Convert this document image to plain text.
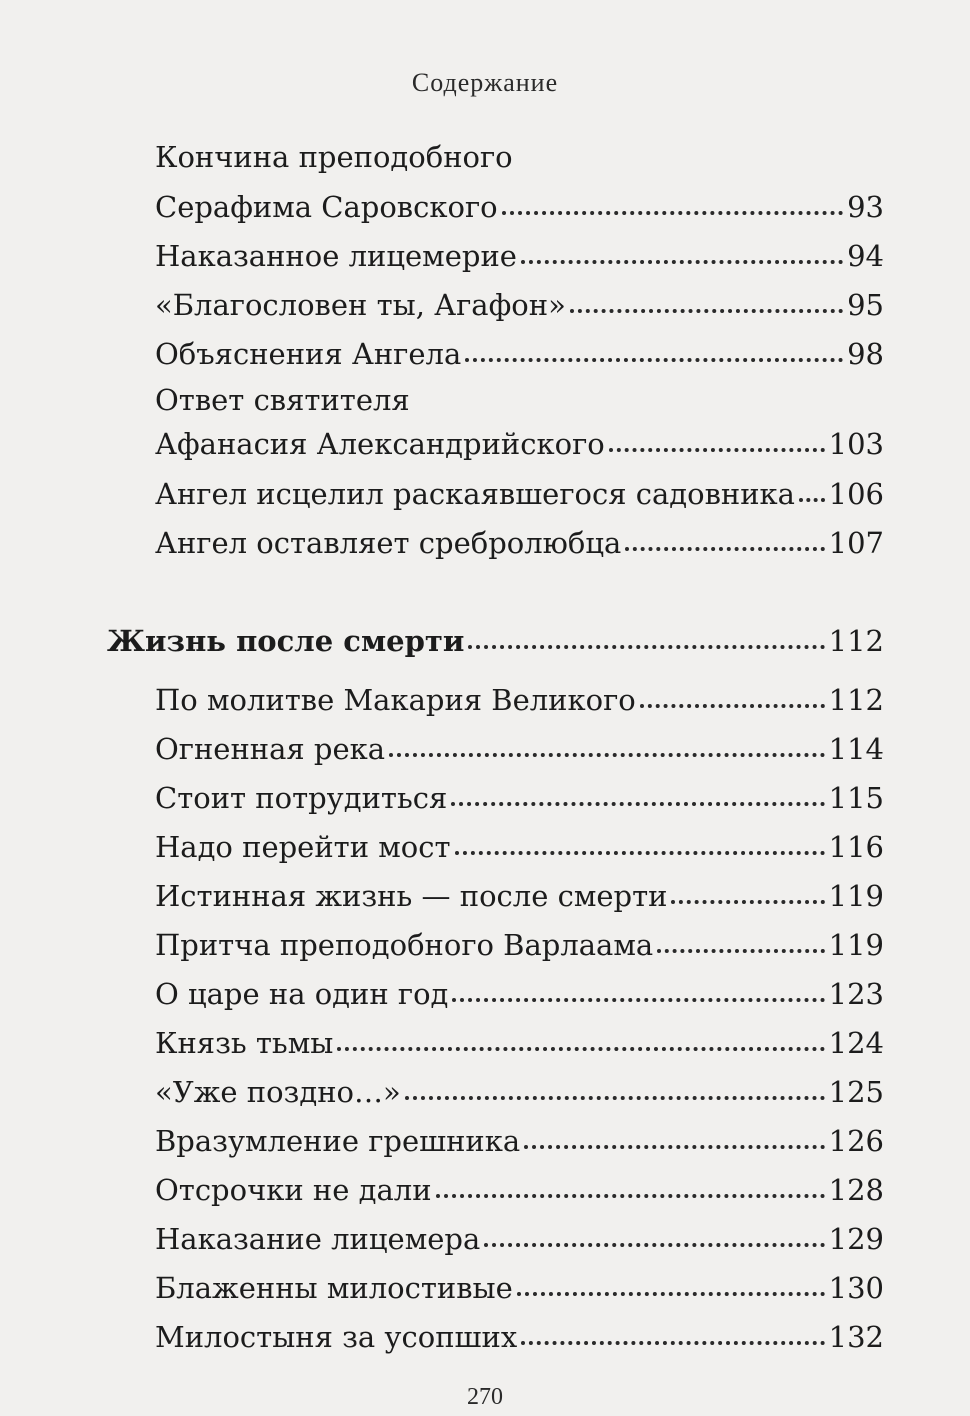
Содержание
Кончина преподобного
Серафима Саровского	93
Наказанное лицемерие	94
«Благословен ты, Агафон»	95
Объяснения Ангела	98
Ответ святителя
Афанасия Александрийского	103
Ангел исцелил раскаявшегося садовника 106
Ангел оставляет сребролюбца	107
Жизнь после смерти	112
По молитве Макария Великого	112
Огненная река	114
Стоит потрудиться	115
Надо перейти мост	116
Истинная жизнь — после смерти	119
Притча преподобного Варлаама	119
О царе на один год	123
Князь тьмы	124
«Уже поздно…»	125
Вразумление грешника	126
Отсрочки не дали	128
Наказание лицемера	129
Блаженны милостивые	130
Милостыня за усопших	132
270
